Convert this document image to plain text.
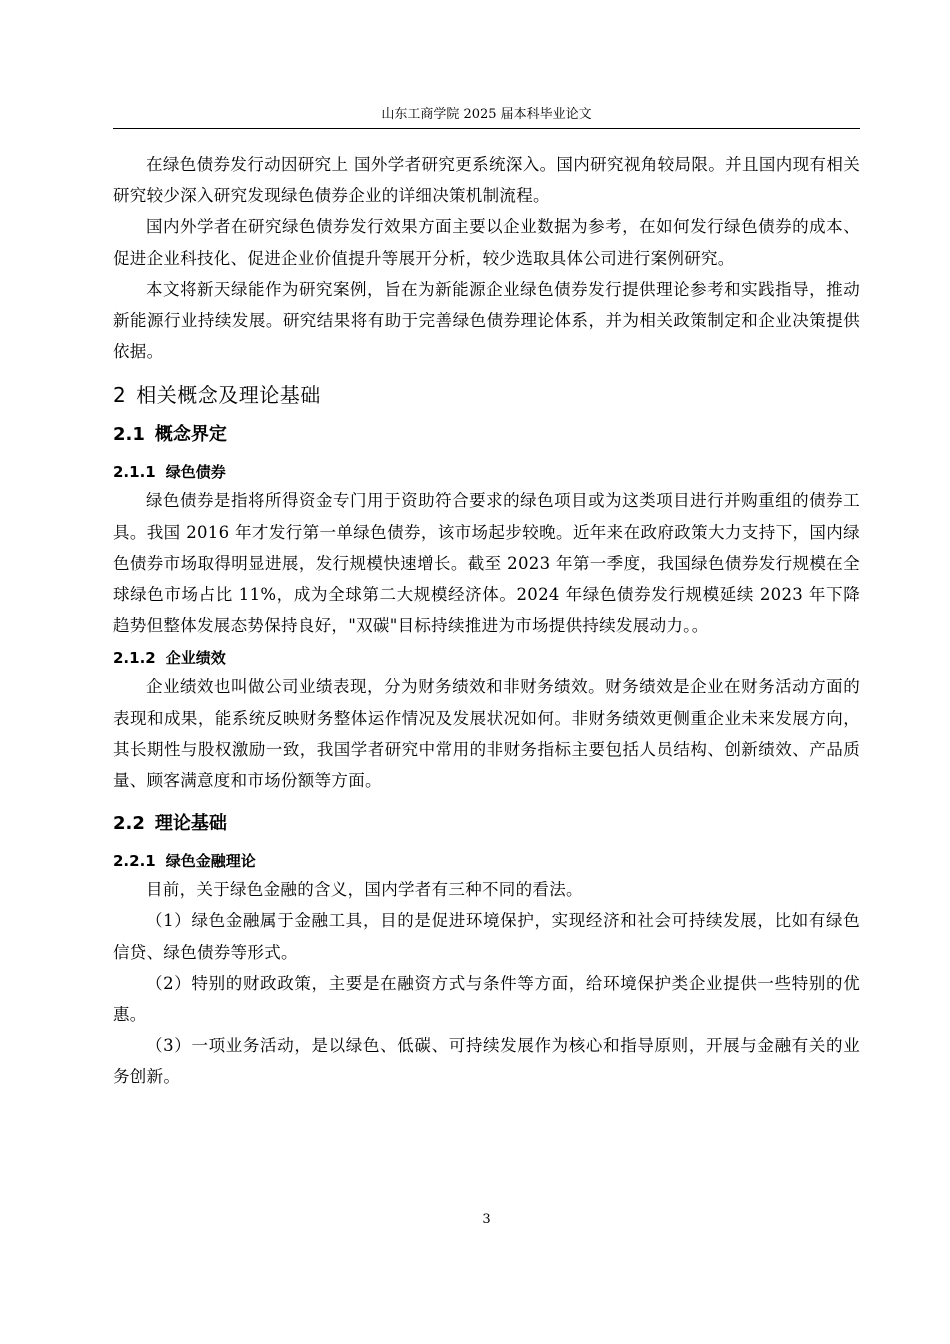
山东工商学院 2025 届本科毕业论文

在绿色债券发行动因研究上 国外学者研究更系统深入。国内研究视角较局限。并且国内现有相关研究较少深入研究发现绿色债券企业的详细决策机制流程。

国内外学者在研究绿色债券发行效果方面主要以企业数据为参考，在如何发行绿色债券的成本、促进企业科技化、促进企业价值提升等展开分析，较少选取具体公司进行案例研究。

本文将新天绿能作为研究案例，旨在为新能源企业绿色债券发行提供理论参考和实践指导，推动新能源行业持续发展。研究结果将有助于完善绿色债券理论体系，并为相关政策制定和企业决策提供依据。

2 相关概念及理论基础
2.1 概念界定
2.1.1 绿色债券

绿色债券是指将所得资金专门用于资助符合要求的绿色项目或为这类项目进行并购重组的债券工具。我国 2016 年才发行第一单绿色债券，该市场起步较晚。近年来在政府政策大力支持下，国内绿色债券市场取得明显进展，发行规模快速增长。截至 2023 年第一季度，我国绿色债券发行规模在全球绿色市场占比 11%，成为全球第二大规模经济体。2024 年绿色债券发行规模延续 2023 年下降趋势但整体发展态势保持良好，"双碳"目标持续推进为市场提供持续发展动力。。

2.1.2 企业绩效

企业绩效也叫做公司业绩表现，分为财务绩效和非财务绩效。财务绩效是企业在财务活动方面的表现和成果，能系统反映财务整体运作情况及发展状况如何。非财务绩效更侧重企业未来发展方向，其长期性与股权激励一致，我国学者研究中常用的非财务指标主要包括人员结构、创新绩效、产品质量、顾客满意度和市场份额等方面。

2.2 理论基础
2.2.1 绿色金融理论

目前，关于绿色金融的含义，国内学者有三种不同的看法。

（1）绿色金融属于金融工具，目的是促进环境保护，实现经济和社会可持续发展，比如有绿色信贷、绿色债券等形式。

（2）特别的财政政策，主要是在融资方式与条件等方面，给环境保护类企业提供一些特别的优惠。

（3）一项业务活动，是以绿色、低碳、可持续发展作为核心和指导原则，开展与金融有关的业务创新。

3
